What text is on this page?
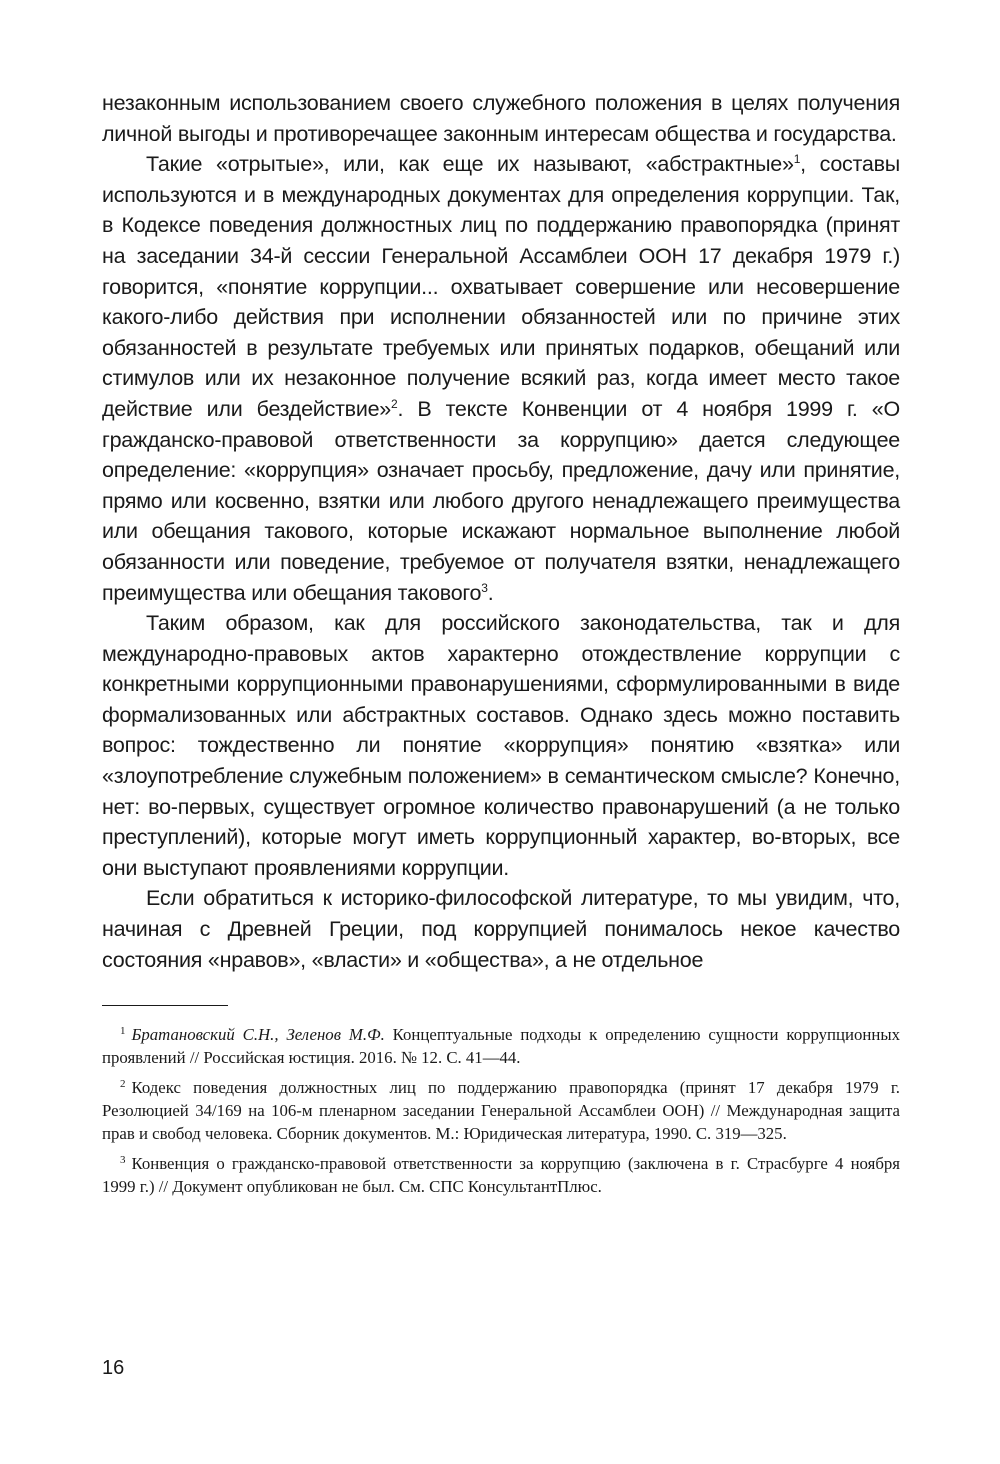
незаконным использованием своего служебного положения в целях получения личной выгоды и противоречащее законным интересам общества и государства.

Такие «отрытые», или, как еще их называют, «абстрактные»$^1$, составы используются и в международных документах для определения коррупции. Так, в Кодексе поведения должностных лиц по поддержанию правопорядка (принят на заседании 34-й сессии Генеральной Ассамблеи ООН 17 декабря 1979 г.) говорится, «понятие коррупции... охватывает совершение или несовершение какого-либо действия при исполнении обязанностей или по причине этих обязанностей в результате требуемых или принятых подарков, обещаний или стимулов или их незаконное получение всякий раз, когда имеет место такое действие или бездействие»$^2$. В тексте Конвенции от 4 ноября 1999 г. «О гражданско-правовой ответственности за коррупцию» дается следующее определение: «коррупция» означает просьбу, предложение, дачу или принятие, прямо или косвенно, взятки или любого другого ненадлежащего преимущества или обещания такового, которые искажают нормальное выполнение любой обязанности или поведение, требуемое от получателя взятки, ненадлежащего преимущества или обещания такового$^3$.

Таким образом, как для российского законодательства, так и для международно-правовых актов характерно отождествление коррупции с конкретными коррупционными правонарушениями, сформулированными в виде формализованных или абстрактных составов. Однако здесь можно поставить вопрос: тождественно ли понятие «коррупция» понятию «взятка» или «злоупотребление служебным положением» в семантическом смысле? Конечно, нет: во-первых, существует огромное количество правонарушений (а не только преступлений), которые могут иметь коррупционный характер, во-вторых, все они выступают проявлениями коррупции.

Если обратиться к историко-философской литературе, то мы увидим, что, начиная с Древней Греции, под коррупцией понималось некое качество состояния «нравов», «власти» и «общества», а не отдельное

$^1$ Братановский С.Н., Зеленов М.Ф. Концептуальные подходы к определению сущности коррупционных проявлений // Российская юстиция. 2016. № 12. С. 41—44.

$^2$ Кодекс поведения должностных лиц по поддержанию правопорядка (принят 17 декабря 1979 г. Резолюцией 34/169 на 106-м пленарном заседании Генеральной Ассамблеи ООН) // Международная защита прав и свобод человека. Сборник документов. М.: Юридическая литература, 1990. С. 319—325.

$^3$ Конвенция о гражданско-правовой ответственности за коррупцию (заключена в г. Страсбурге 4 ноября 1999 г.) // Документ опубликован не был. См. СПС КонсультантПлюс.

16
